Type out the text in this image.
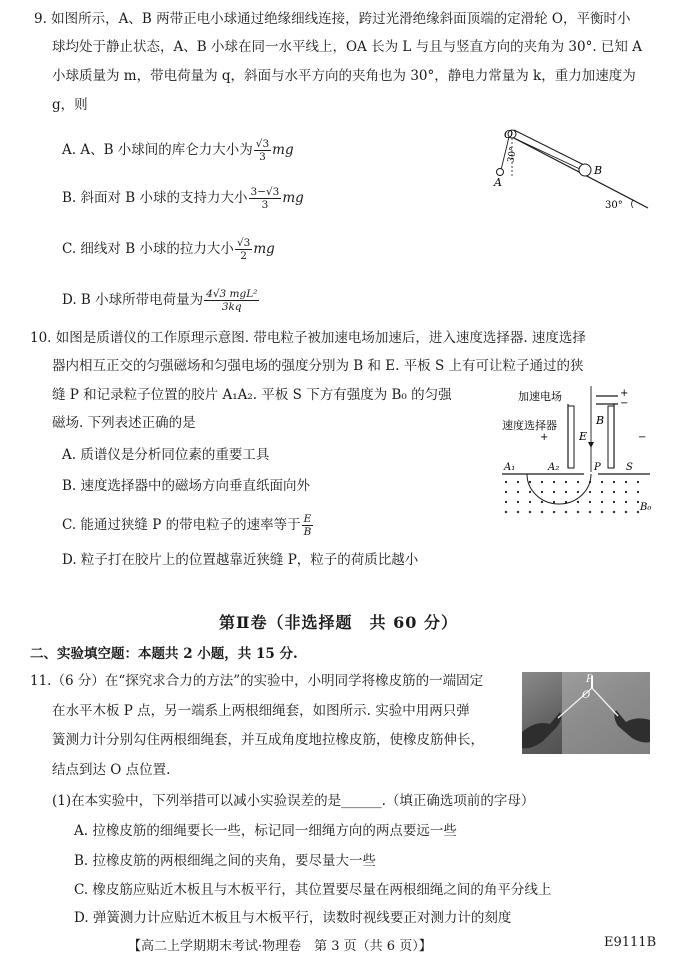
9. 如图所示，A、B 两带正电小球通过绝缘细线连接，跨过光滑绝缘斜面顶端的定滑轮 O，平衡时小
球均处于静止状态，A、B 小球在同一水平线上，OA 长为 L 与且与竖直方向的夹角为 30°. 已知 A
小球质量为 m，带电荷量为 q，斜面与水平方向的夹角也为 30°，静电力常量为 k，重力加速度为
g，则
A. A、B 小球间的库仑力大小为 $\frac{√3}{3}$ mg
B. 斜面对 B 小球的支持力大小 $\frac{3-√3}{3}$ mg
C. 细线对 B 小球的拉力大小 $\frac{√3}{2}$ mg
D. B 小球所带电荷量为 $\frac{\text{4√3 mgL²}}{3kq}$
O
A
B
30°
30°
10. 如图是质谱仪的工作原理示意图. 带电粒子被加速电场加速后，进入速度选择器. 速度选择
器内相互正交的匀强磁场和匀强电场的强度分别为 B 和 E. 平板 S 上有可让粒子通过的狭
缝 P 和记录粒子位置的胶片 A₁A₂. 平板 S 下方有强度为 B₀ 的匀强
磁场. 下列表述正确的是
A. 质谱仪是分析同位素的重要工具
B. 速度选择器中的磁场方向垂直纸面向外
C. 能通过狭缝 P 的带电粒子的速率等于 $\frac{E}{B}$
D. 粒子打在胶片上的位置越靠近狭缝 P，粒子的荷质比越小
加速电场
速度选择器
+
−
+	−
E
B
A₁	A₂	P	S
B₀
第Ⅱ卷（非选择题　共 60 分）
二、实验填空题：本题共 2 小题，共 15 分.
11.（6 分）在“探究求合力的方法”的实验中，小明同学将橡皮筋的一端固定
在水平木板 P 点，另一端系上两根细绳套，如图所示. 实验中用两只弹
簧测力计分别勾住两根细绳套，并互成角度地拉橡皮筋，使橡皮筋伸长，
结点到达 O 点位置.
(1)在本实验中，下列举措可以减小实验误差的是______.（填正确选项前的字母）
A. 拉橡皮筋的细绳要长一些，标记同一细绳方向的两点要远一些
B. 拉橡皮筋的两根细绳之间的夹角，要尽量大一些
C. 橡皮筋应贴近木板且与木板平行，其位置要尽量在两根细绳之间的角平分线上
D. 弹簧测力计应贴近木板且与木板平行，读数时视线要正对测力计的刻度
P
O
【高二上学期期末考试·物理卷　第 3 页（共 6 页）】	E9111B
